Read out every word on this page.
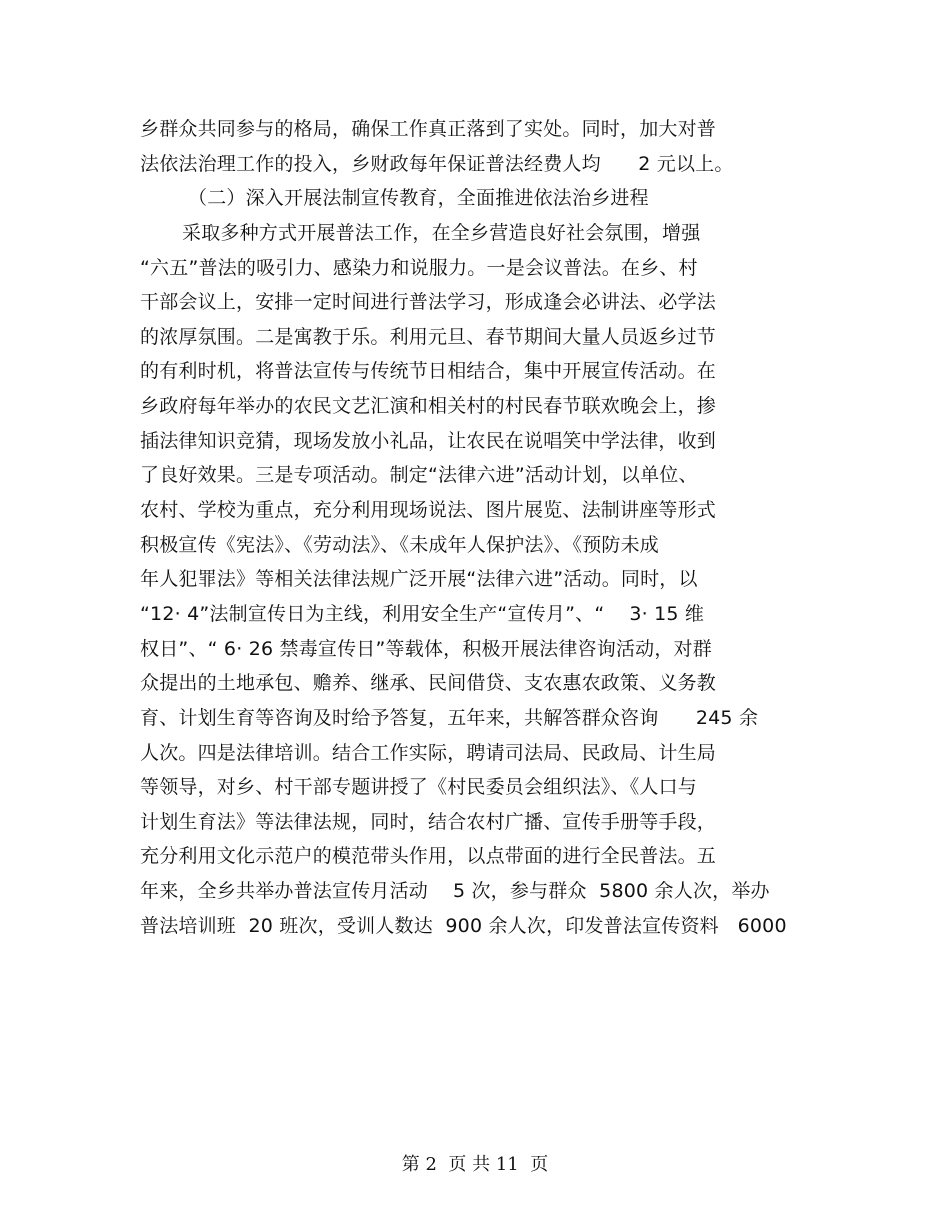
乡群众共同参与的格局，确保工作真正落到了实处。同时，加大对普
法依法治理工作的投入，乡财政每年保证普法经费人均      2 元以上。
（二）深入开展法制宣传教育，全面推进依法治乡进程
采取多种方式开展普法工作，在全乡营造良好社会氛围，增强
“六五”普法的吸引力、感染力和说服力。一是会议普法。在乡、村
干部会议上，安排一定时间进行普法学习，形成逢会必讲法、必学法
的浓厚氛围。二是寓教于乐。利用元旦、春节期间大量人员返乡过节
的有利时机，将普法宣传与传统节日相结合，集中开展宣传活动。在
乡政府每年举办的农民文艺汇演和相关村的村民春节联欢晚会上，掺
插法律知识竞猜，现场发放小礼品，让农民在说唱笑中学法律，收到
了良好效果。三是专项活动。制定“法律六进”活动计划，以单位、
农村、学校为重点，充分利用现场说法、图片展览、法制讲座等形式
积极宣传《宪法》、《劳动法》、《未成年人保护法》、《预防未成
年人犯罪法》等相关法律法规广泛开展“法律六进”活动。同时，以
“12· 4”法制宣传日为主线，利用安全生产“宣传月”、“    3· 15 维
权日”、“ 6· 26 禁毒宣传日”等载体，积极开展法律咨询活动，对群
众提出的土地承包、赡养、继承、民间借贷、支农惠农政策、义务教
育、计划生育等咨询及时给予答复，五年来，共解答群众咨询      245 余
人次。四是法律培训。结合工作实际，聘请司法局、民政局、计生局
等领导，对乡、村干部专题讲授了《村民委员会组织法》、《人口与
计划生育法》等法律法规，同时，结合农村广播、宣传手册等手段，
充分利用文化示范户的模范带头作用，以点带面的进行全民普法。五
年来，全乡共举办普法宣传月活动    5 次，参与群众  5800 余人次，举办
普法培训班  20 班次，受训人数达  900 余人次，印发普法宣传资料   6000
第 2  页 共 11  页
